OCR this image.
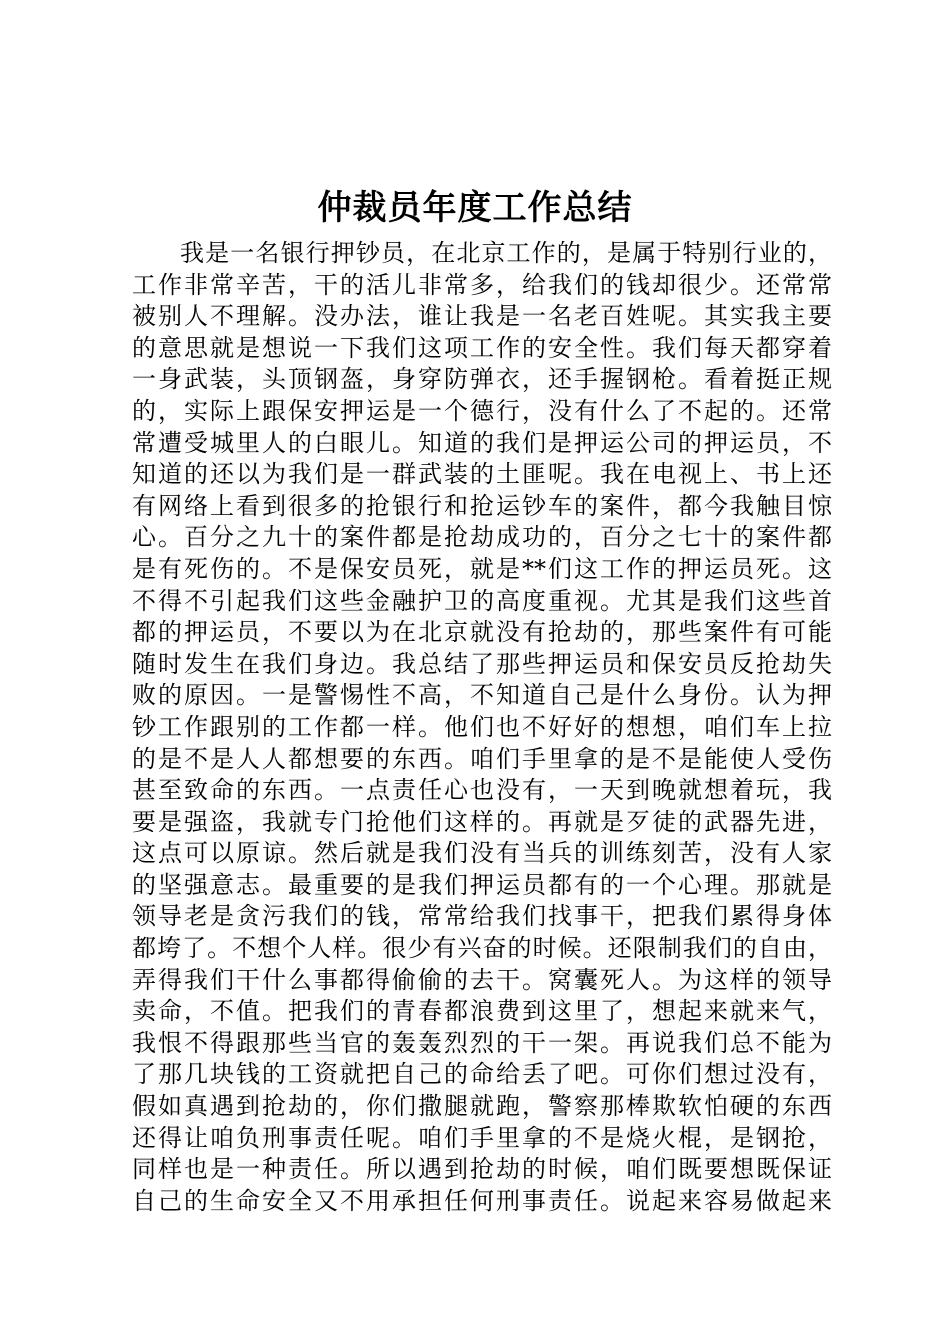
仲裁员年度工作总结
我是一名银行押钞员，在北京工作的，是属于特别行业的，
工作非常辛苦，干的活儿非常多，给我们的钱却很少。还常常
被别人不理解。没办法，谁让我是一名老百姓呢。其实我主要
的意思就是想说一下我们这项工作的安全性。我们每天都穿着
一身武装，头顶钢盔，身穿防弹衣，还手握钢枪。看着挺正规
的，实际上跟保安押运是一个德行，没有什么了不起的。还常
常遭受城里人的白眼儿。知道的我们是押运公司的押运员，不
知道的还以为我们是一群武装的土匪呢。我在电视上、书上还
有网络上看到很多的抢银行和抢运钞车的案件，都今我触目惊
心。百分之九十的案件都是抢劫成功的，百分之七十的案件都
是有死伤的。不是保安员死，就是**们这工作的押运员死。这
不得不引起我们这些金融护卫的高度重视。尤其是我们这些首
都的押运员，不要以为在北京就没有抢劫的，那些案件有可能
随时发生在我们身边。我总结了那些押运员和保安员反抢劫失
败的原因。一是警惕性不高，不知道自己是什么身份。认为押
钞工作跟别的工作都一样。他们也不好好的想想，咱们车上拉
的是不是人人都想要的东西。咱们手里拿的是不是能使人受伤
甚至致命的东西。一点责任心也没有，一天到晚就想着玩，我
要是强盗，我就专门抢他们这样的。再就是歹徒的武器先进，
这点可以原谅。然后就是我们没有当兵的训练刻苦，没有人家
的坚强意志。最重要的是我们押运员都有的一个心理。那就是
领导老是贪污我们的钱，常常给我们找事干，把我们累得身体
都垮了。不想个人样。很少有兴奋的时候。还限制我们的自由，
弄得我们干什么事都得偷偷的去干。窝囊死人。为这样的领导
卖命，不值。把我们的青春都浪费到这里了，想起来就来气，
我恨不得跟那些当官的轰轰烈烈的干一架。再说我们总不能为
了那几块钱的工资就把自己的命给丢了吧。可你们想过没有，
假如真遇到抢劫的，你们撒腿就跑，警察那棒欺软怕硬的东西
还得让咱负刑事责任呢。咱们手里拿的不是烧火棍，是钢抢，
同样也是一种责任。所以遇到抢劫的时候，咱们既要想既保证
自己的生命安全又不用承担任何刑事责任。说起来容易做起来
